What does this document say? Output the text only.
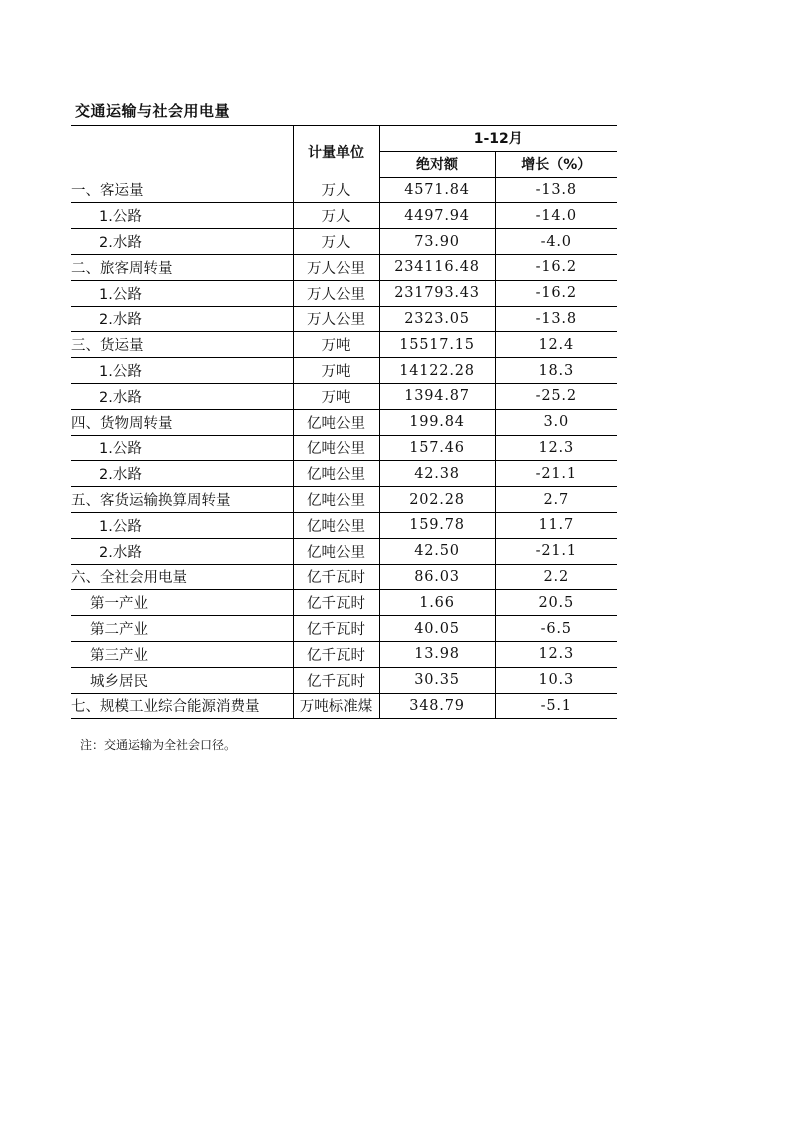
交通运输与社会用电量
	计量单位	1-12月	
		绝对额	增长（%）
一、客运量	万人	4571.84	-13.8
1.公路	万人	4497.94	-14.0
2.水路	万人	73.90	-4.0
二、旅客周转量	万人公里	234116.48	-16.2
1.公路	万人公里	231793.43	-16.2
2.水路	万人公里	2323.05	-13.8
三、货运量	万吨	15517.15	12.4
1.公路	万吨	14122.28	18.3
2.水路	万吨	1394.87	-25.2
四、货物周转量	亿吨公里	199.84	3.0
1.公路	亿吨公里	157.46	12.3
2.水路	亿吨公里	42.38	-21.1
五、客货运输换算周转量	亿吨公里	202.28	2.7
1.公路	亿吨公里	159.78	11.7
2.水路	亿吨公里	42.50	-21.1
六、全社会用电量	亿千瓦时	86.03	2.2
第一产业	亿千瓦时	1.66	20.5
第二产业	亿千瓦时	40.05	-6.5
第三产业	亿千瓦时	13.98	12.3
城乡居民	亿千瓦时	30.35	10.3
七、规模工业综合能源消费量	万吨标准煤	348.79	-5.1
注：交通运输为全社会口径。
